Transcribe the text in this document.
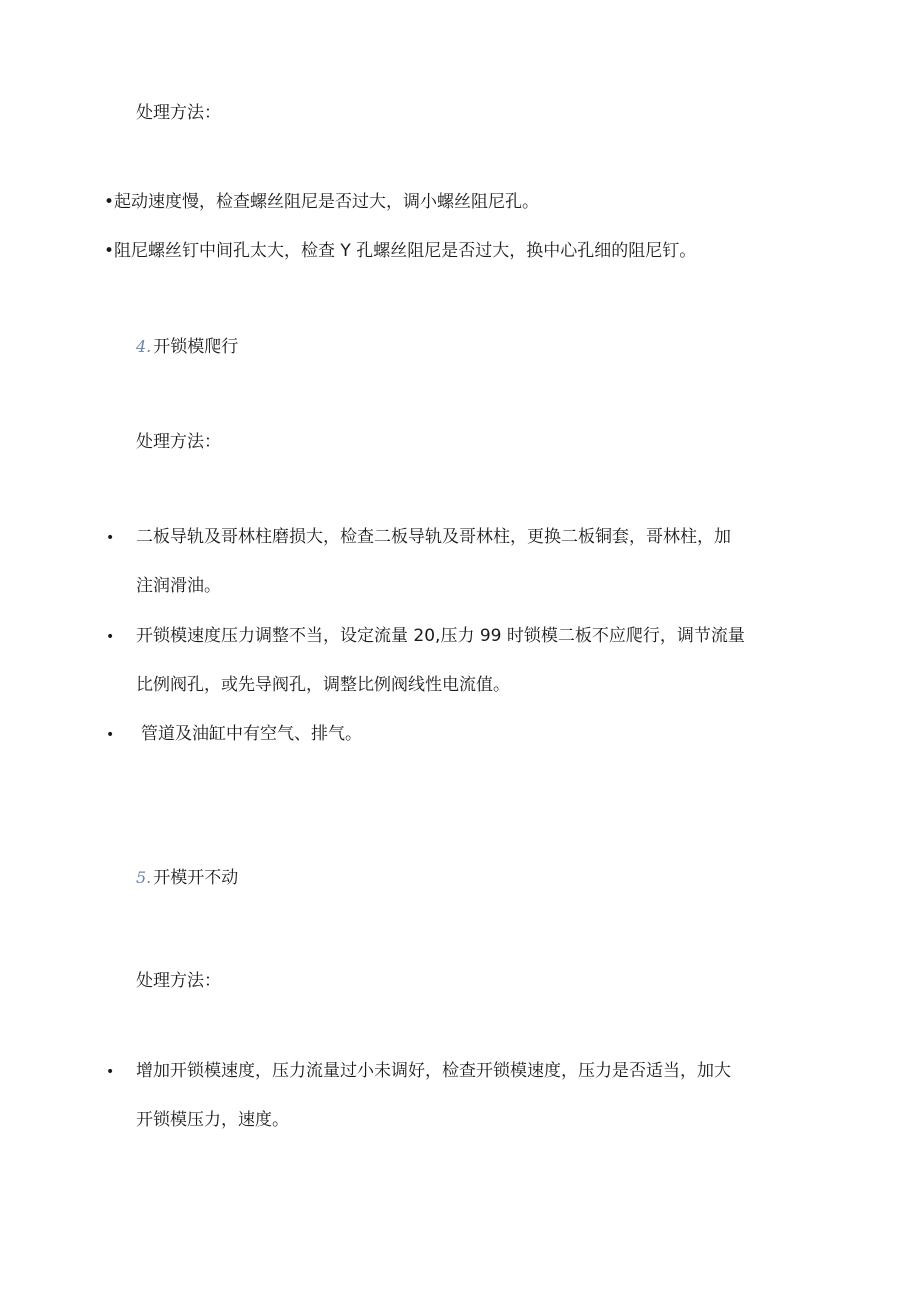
处理方法：
•起动速度慢，检查螺丝阻尼是否过大，调小螺丝阻尼孔。
•阻尼螺丝钉中间孔太大，检查 Y 孔螺丝阻尼是否过大，换中心孔细的阻尼钉。
4. 开锁模爬行
处理方法：
• 二板导轨及哥林柱磨损大，检查二板导轨及哥林柱，更换二板铜套，哥林柱，加
注润滑油。
• 开锁模速度压力调整不当，设定流量 20,压力 99 时锁模二板不应爬行，调节流量
比例阀孔，或先导阀孔，调整比例阀线性电流值。
• 管道及油缸中有空气、排气。
5. 开模开不动
处理方法：
• 增加开锁模速度，压力流量过小未调好，检查开锁模速度，压力是否适当，加大
开锁模压力，速度。
